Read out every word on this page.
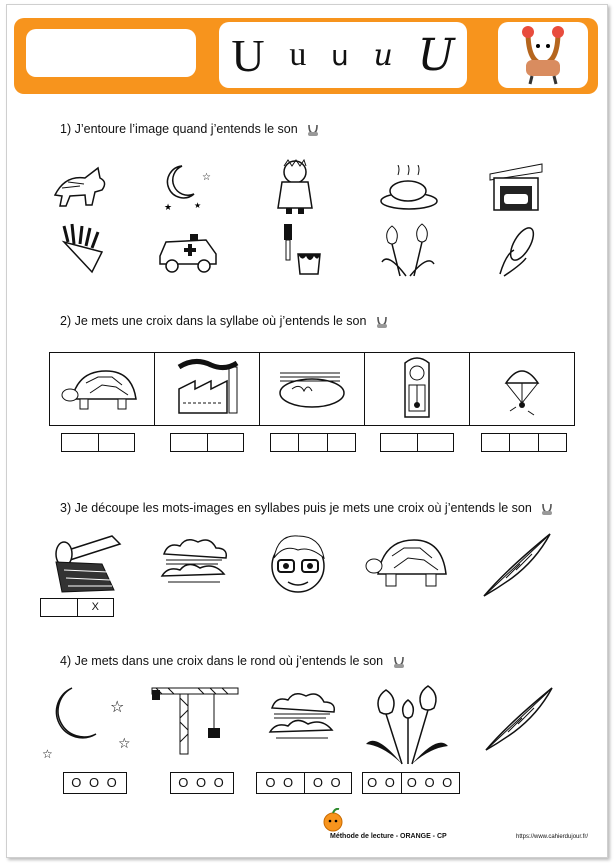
U u u u U
1) J’entoure l’image quand j’entends le son
☆
★	★
2) Je mets une croix dans la syllabe où j’entends le son
3) Je découpe les mots-images en syllabes puis je mets une croix où j’entends le son
X
4) Je mets dans une croix dans le rond où j’entends le son
☆
☆
☆
O O O	O O O	O O	O O	O O O O O
Méthode de lecture - ORANGE - CP	https://www.cahierdujour.fr/
